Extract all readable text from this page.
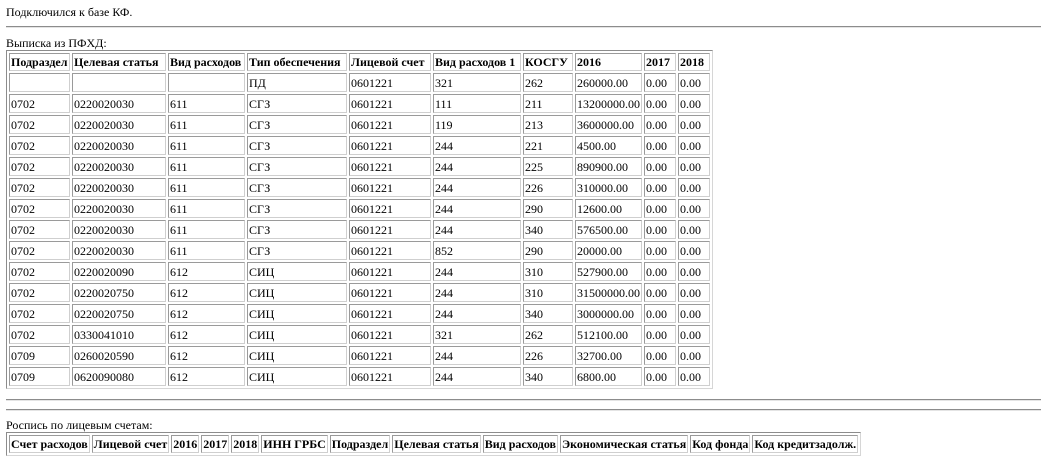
Подключился к базе КФ.
Выписка из ПФХД:
Подраздел	Целевая статья	Вид расходов	Тип обеспечения	Лицевой счет	Вид расходов 1	КОСГУ	2016	2017	2018
			ПД	0601221	321	262	260000.00	0.00	0.00
0702	0220020030	611	СГЗ	0601221	111	211	13200000.00	0.00	0.00
0702	0220020030	611	СГЗ	0601221	119	213	3600000.00	0.00	0.00
0702	0220020030	611	СГЗ	0601221	244	221	4500.00	0.00	0.00
0702	0220020030	611	СГЗ	0601221	244	225	890900.00	0.00	0.00
0702	0220020030	611	СГЗ	0601221	244	226	310000.00	0.00	0.00
0702	0220020030	611	СГЗ	0601221	244	290	12600.00	0.00	0.00
0702	0220020030	611	СГЗ	0601221	244	340	576500.00	0.00	0.00
0702	0220020030	611	СГЗ	0601221	852	290	20000.00	0.00	0.00
0702	0220020090	612	СИЦ	0601221	244	310	527900.00	0.00	0.00
0702	0220020750	612	СИЦ	0601221	244	310	31500000.00	0.00	0.00
0702	0220020750	612	СИЦ	0601221	244	340	3000000.00	0.00	0.00
0702	0330041010	612	СИЦ	0601221	321	262	512100.00	0.00	0.00
0709	0260020590	612	СИЦ	0601221	244	226	32700.00	0.00	0.00
0709	0620090080	612	СИЦ	0601221	244	340	6800.00	0.00	0.00
Роспись по лицевым счетам:
Счет расходов	Лицевой счет	2016	2017	2018	ИНН ГРБС	Подраздел	Целевая статья	Вид расходов	Экономическая статья	Код фонда	Код кредитзадолж.
